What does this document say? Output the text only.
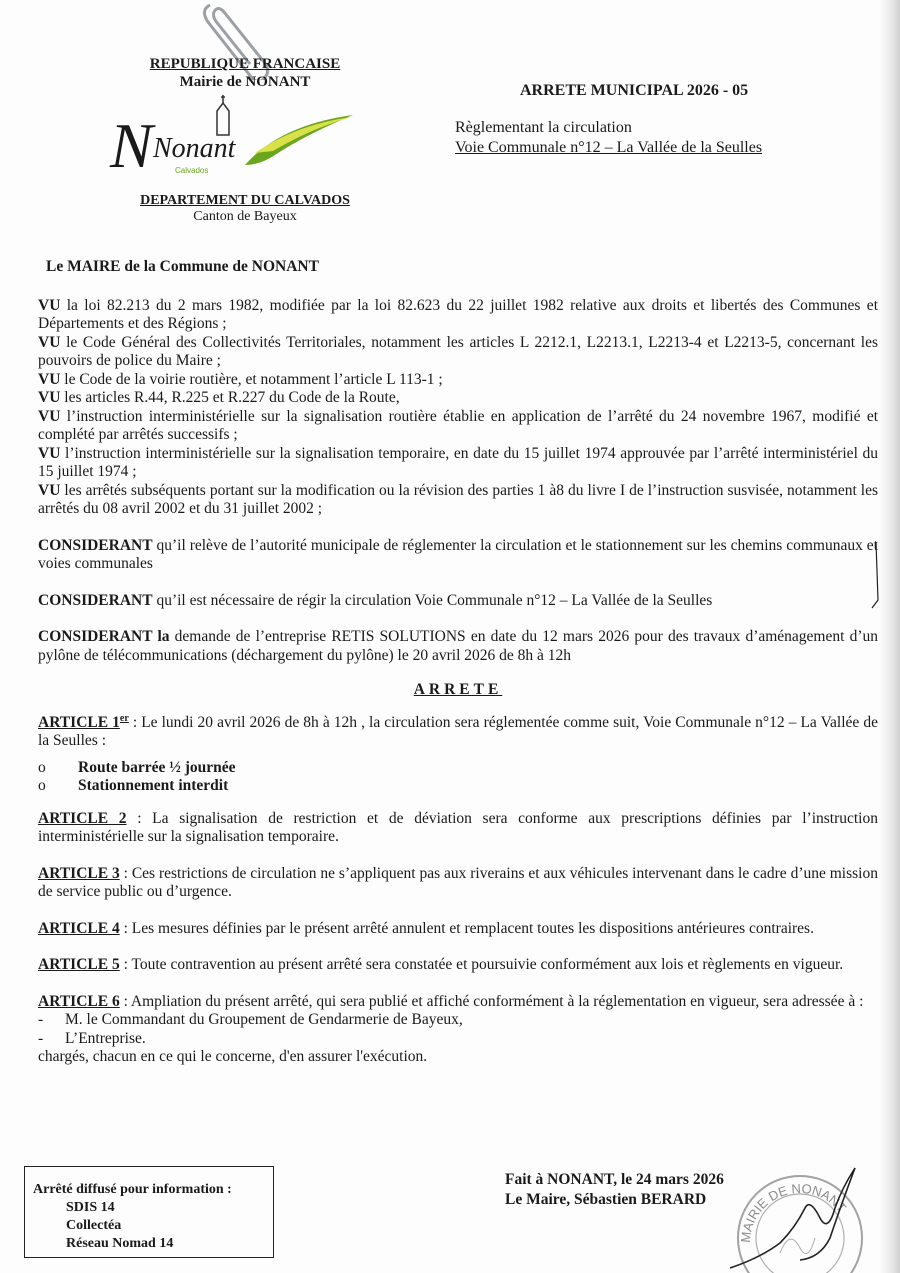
REPUBLIQUE FRANCAISE
Mairie de NONANT
N Nonant
Calvados
DEPARTEMENT DU CALVADOS
Canton de Bayeux
ARRETE MUNICIPAL 2026 - 05
Règlementant la circulation
Voie Communale n°12 – La Vallée de la Seulles

Le MAIRE de la Commune de NONANT

VU la loi 82.213 du 2 mars 1982, modifiée par la loi 82.623 du 22 juillet 1982 relative aux droits et libertés des Communes et Départements et des Régions ;

VU le Code Général des Collectivités Territoriales, notamment les articles L 2212.1, L2213.1, L2213-4 et L2213-5, concernant les pouvoirs de police du Maire ;

VU le Code de la voirie routière, et notamment l’article L 113-1 ;

VU les articles R.44, R.225 et R.227 du Code de la Route,

VU l’instruction interministérielle sur la signalisation routière établie en application de l’arrêté du 24 novembre 1967, modifié et complété par arrêtés successifs ;

VU l’instruction interministérielle sur la signalisation temporaire, en date du 15 juillet 1974 approuvée par l’arrêté interministériel du 15 juillet 1974 ;

VU les arrêtés subséquents portant sur la modification ou la révision des parties 1 à8 du livre I de l’instruction susvisée, notamment les arrêtés du 08 avril 2002 et du 31 juillet 2002 ;

CONSIDERANT qu’il relève de l’autorité municipale de réglementer la circulation et le stationnement sur les chemins communaux et voies communales

CONSIDERANT qu’il est nécessaire de régir la circulation Voie Communale n°12 – La Vallée de la Seulles

CONSIDERANT la demande de l’entreprise RETIS SOLUTIONS en date du 12 mars 2026 pour des travaux d’aménagement d’un pylône de télécommunications (déchargement du pylône) le 20 avril 2026 de 8h à 12h

ARRETE

ARTICLE 1er : Le lundi 20 avril 2026 de 8h à 12h , la circulation sera réglementée comme suit, Voie Communale n°12 – La Vallée de la Seulles :

o Route barrée ½ journée

o Stationnement interdit

ARTICLE 2 : La signalisation de restriction et de déviation sera conforme aux prescriptions définies par l’instruction interministérielle sur la signalisation temporaire.

ARTICLE 3 : Ces restrictions de circulation ne s’appliquent pas aux riverains et aux véhicules intervenant dans le cadre d’une mission de service public ou d’urgence.

ARTICLE 4 : Les mesures définies par le présent arrêté annulent et remplacent toutes les dispositions antérieures contraires.

ARTICLE 5 : Toute contravention au présent arrêté sera constatée et poursuivie conformément aux lois et règlements en vigueur.

ARTICLE 6 : Ampliation du présent arrêté, qui sera publié et affiché conformément à la réglementation en vigueur, sera adressée à :

- M. le Commandant du Groupement de Gendarmerie de Bayeux,

- L’Entreprise.

chargés, chacun en ce qui le concerne, d'en assurer l'exécution.

Arrêté diffusé pour information :
SDIS 14
Collectéa
Réseau Nomad 14
Fait à NONANT, le 24 mars 2026
Le Maire, Sébastien BERARD
MAIRIE DE NONANT
